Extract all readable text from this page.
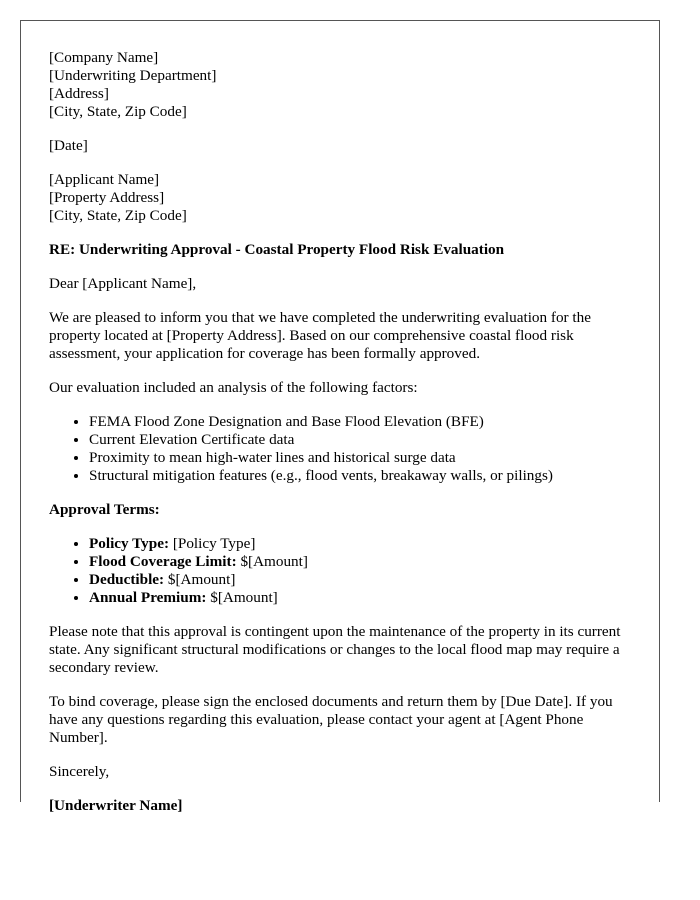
[Company Name]
[Underwriting Department]
[Address]
[City, State, Zip Code]

[Date]

[Applicant Name]
[Property Address]
[City, State, Zip Code]

RE: Underwriting Approval - Coastal Property Flood Risk Evaluation

Dear [Applicant Name],

We are pleased to inform you that we have completed the underwriting evaluation for the property located at [Property Address]. Based on our comprehensive coastal flood risk assessment, your application for coverage has been formally approved.

Our evaluation included an analysis of the following factors:

• FEMA Flood Zone Designation and Base Flood Elevation (BFE)
• Current Elevation Certificate data
• Proximity to mean high-water lines and historical surge data
• Structural mitigation features (e.g., flood vents, breakaway walls, or pilings)

Approval Terms:

• Policy Type: [Policy Type]
• Flood Coverage Limit: $[Amount]
• Deductible: $[Amount]
• Annual Premium: $[Amount]

Please note that this approval is contingent upon the maintenance of the property in its current state. Any significant structural modifications or changes to the local flood map may require a secondary review.

To bind coverage, please sign the enclosed documents and return them by [Due Date]. If you have any questions regarding this evaluation, please contact your agent at [Agent Phone Number].

Sincerely,

[Underwriter Name]
